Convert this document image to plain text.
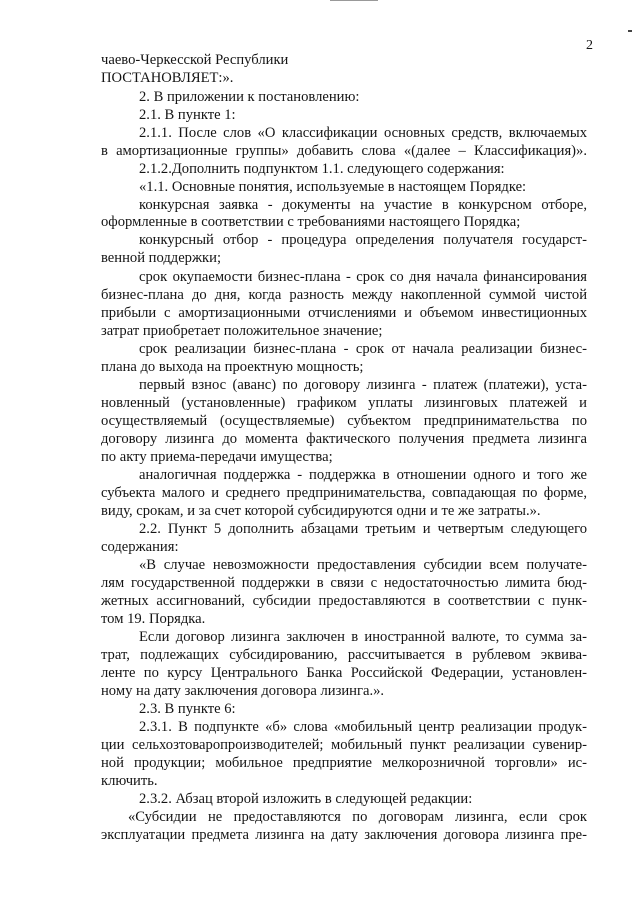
2
чаево-Черкесской Республики
ПОСТАНОВЛЯЕТ:».
2. В приложении к постановлению:
2.1. В пункте 1:
2.1.1. После слов «О классификации основных средств, включаемых
в амортизационные группы» добавить слова «(далее – Классификация)».
2.1.2.Дополнить подпунктом 1.1. следующего содержания:
«1.1. Основные понятия, используемые в настоящем Порядке:
конкурсная заявка - документы на участие в конкурсном отборе,
оформленные в соответствии с требованиями настоящего Порядка;
конкурсный отбор - процедура определения получателя государст-
венной поддержки;
срок окупаемости бизнес-плана - срок со дня начала финансирования
бизнес-плана до дня, когда разность между накопленной суммой чистой
прибыли с амортизационными отчислениями и объемом инвестиционных
затрат приобретает положительное значение;
срок реализации бизнес-плана - срок от начала реализации бизнес-
плана до выхода на проектную мощность;
первый взнос (аванс) по договору лизинга - платеж (платежи), уста-
новленный (установленные) графиком уплаты лизинговых платежей и
осуществляемый (осуществляемые) субъектом предпринимательства по
договору лизинга до момента фактического получения предмета лизинга
по акту приема-передачи имущества;
аналогичная поддержка - поддержка в отношении одного и того же
субъекта малого и среднего предпринимательства, совпадающая по форме,
виду, срокам, и за счет которой субсидируются одни и те же затраты.».
2.2. Пункт 5 дополнить абзацами третьим и четвертым следующего
содержания:
«В случае невозможности предоставления субсидии всем получате-
лям государственной поддержки в связи с недостаточностью лимита бюд-
жетных ассигнований, субсидии предоставляются в соответствии с пунк-
том 19. Порядка.
Если договор лизинга заключен в иностранной валюте, то сумма за-
трат, подлежащих субсидированию, рассчитывается в рублевом эквива-
ленте по курсу Центрального Банка Российской Федерации, установлен-
ному на дату заключения договора лизинга.».
2.3. В пункте 6:
2.3.1. В подпункте «б» слова «мобильный центр реализации продук-
ции сельхозтоваропроизводителей; мобильный пункт реализации сувенир-
ной продукции; мобильное предприятие мелкорозничной торговли» ис-
ключить.
2.3.2. Абзац второй изложить в следующей редакции:
«Субсидии не предоставляются по договорам лизинга, если срок
эксплуатации предмета лизинга на дату заключения договора лизинга пре-
